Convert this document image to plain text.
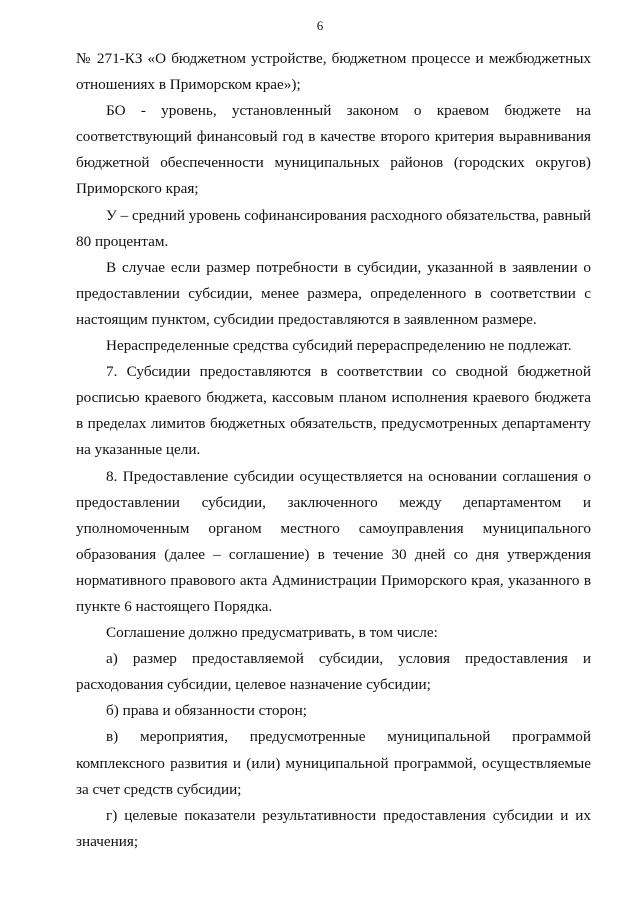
6

№ 271-КЗ «О бюджетном устройстве, бюджетном процессе и межбюджетных отношениях в Приморском крае»);

БО - уровень, установленный законом о краевом бюджете на соответствующий финансовый год в качестве второго критерия выравнивания бюджетной обеспеченности муниципальных районов (городских округов) Приморского края;

У – средний уровень софинансирования расходного обязательства, равный 80 процентам.

В случае если размер потребности в субсидии, указанной в заявлении о предоставлении субсидии, менее размера, определенного в соответствии с настоящим пунктом, субсидии предоставляются в заявленном размере.

Нераспределенные средства субсидий перераспределению не подлежат.

7. Субсидии предоставляются в соответствии со сводной бюджетной росписью краевого бюджета, кассовым планом исполнения краевого бюджета в пределах лимитов бюджетных обязательств, предусмотренных департаменту на указанные цели.

8. Предоставление субсидии осуществляется на основании соглашения о предоставлении субсидии, заключенного между департаментом и уполномоченным органом местного самоуправления муниципального образования (далее – соглашение) в течение 30 дней со дня утверждения нормативного правового акта Администрации Приморского края, указанного в пункте 6 настоящего Порядка.

Соглашение должно предусматривать, в том числе:

а) размер предоставляемой субсидии, условия предоставления и расходования субсидии, целевое назначение субсидии;

б) права и обязанности сторон;

в) мероприятия, предусмотренные муниципальной программой комплексного развития и (или) муниципальной программой, осуществляемые за счет средств субсидии;

г) целевые показатели результативности предоставления субсидии и их значения;
